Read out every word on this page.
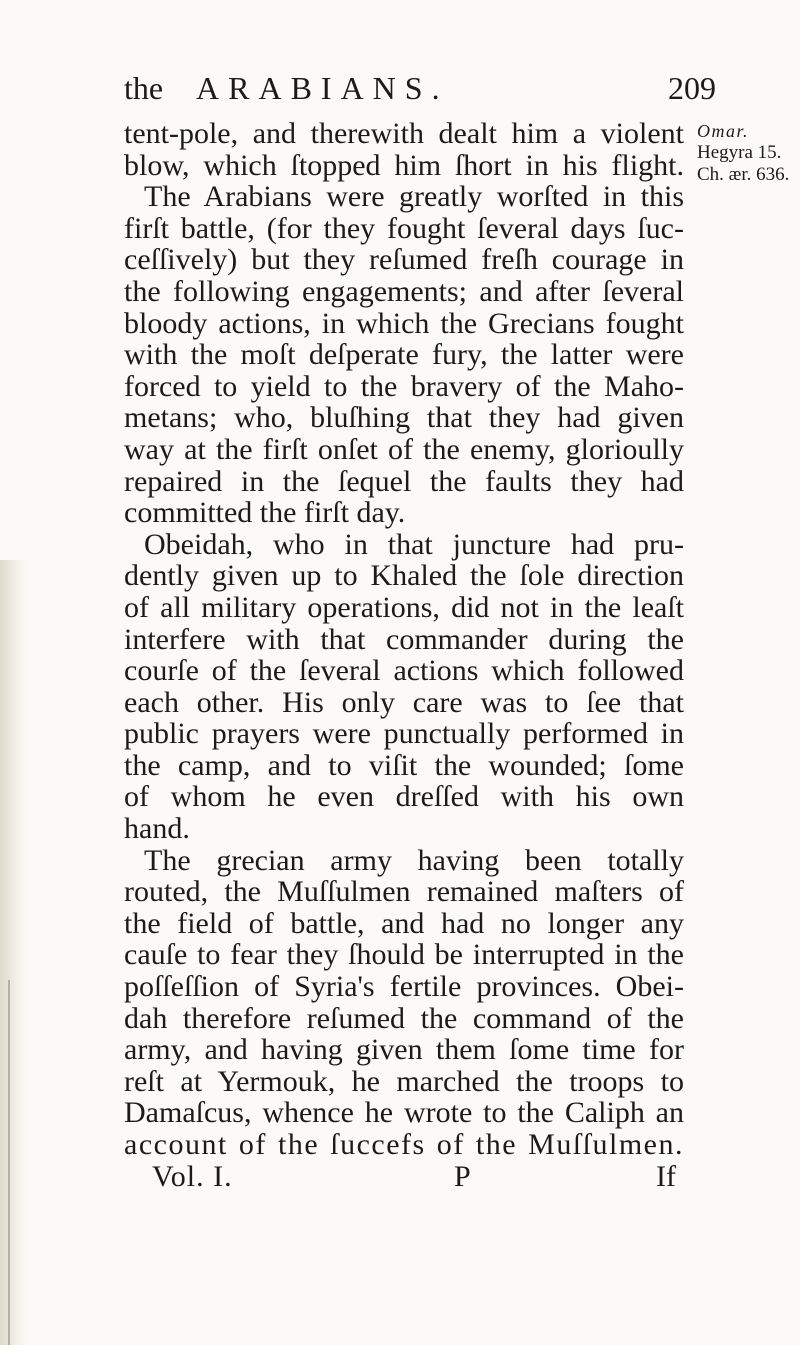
the ARABIANS.	209
Omar.
Hegyra 15.
Ch. ær. 636.
tent-pole, and therewith dealt him a violent
blow, which ſtopped him ſhort in his flight.
The Arabians were greatly worſted in this
firſt battle, (for they fought ſeveral days ſuc-
ceſſively) but they reſumed freſh courage in
the following engagements; and after ſeveral
bloody actions, in which the Grecians fought
with the moſt deſperate fury, the latter were
forced to yield to the bravery of the Maho-
metans; who, bluſhing that they had given
way at the firſt onſet of the enemy, glorioully
repaired in the ſequel the faults they had
committed the firſt day.
Obeidah, who in that juncture had pru-
dently given up to Khaled the ſole direction
of all military operations, did not in the leaſt
interfere with that commander during the
courſe of the ſeveral actions which followed
each other. His only care was to ſee that
public prayers were punctually performed in
the camp, and to viſit the wounded; ſome
of whom he even dreſſed with his own
hand.
The grecian army having been totally
routed, the Muſſulmen remained maſters of
the field of battle, and had no longer any
cauſe to fear they ſhould be interrupted in the
poſſeſſion of Syria's fertile provinces. Obei-
dah therefore reſumed the command of the
army, and having given them ſome time for
reſt at Yermouk, he marched the troops to
Damaſcus, whence he wrote to the Caliph an
account of the ſuccefs of the Muſſulmen.
Vol. I.	P	If
